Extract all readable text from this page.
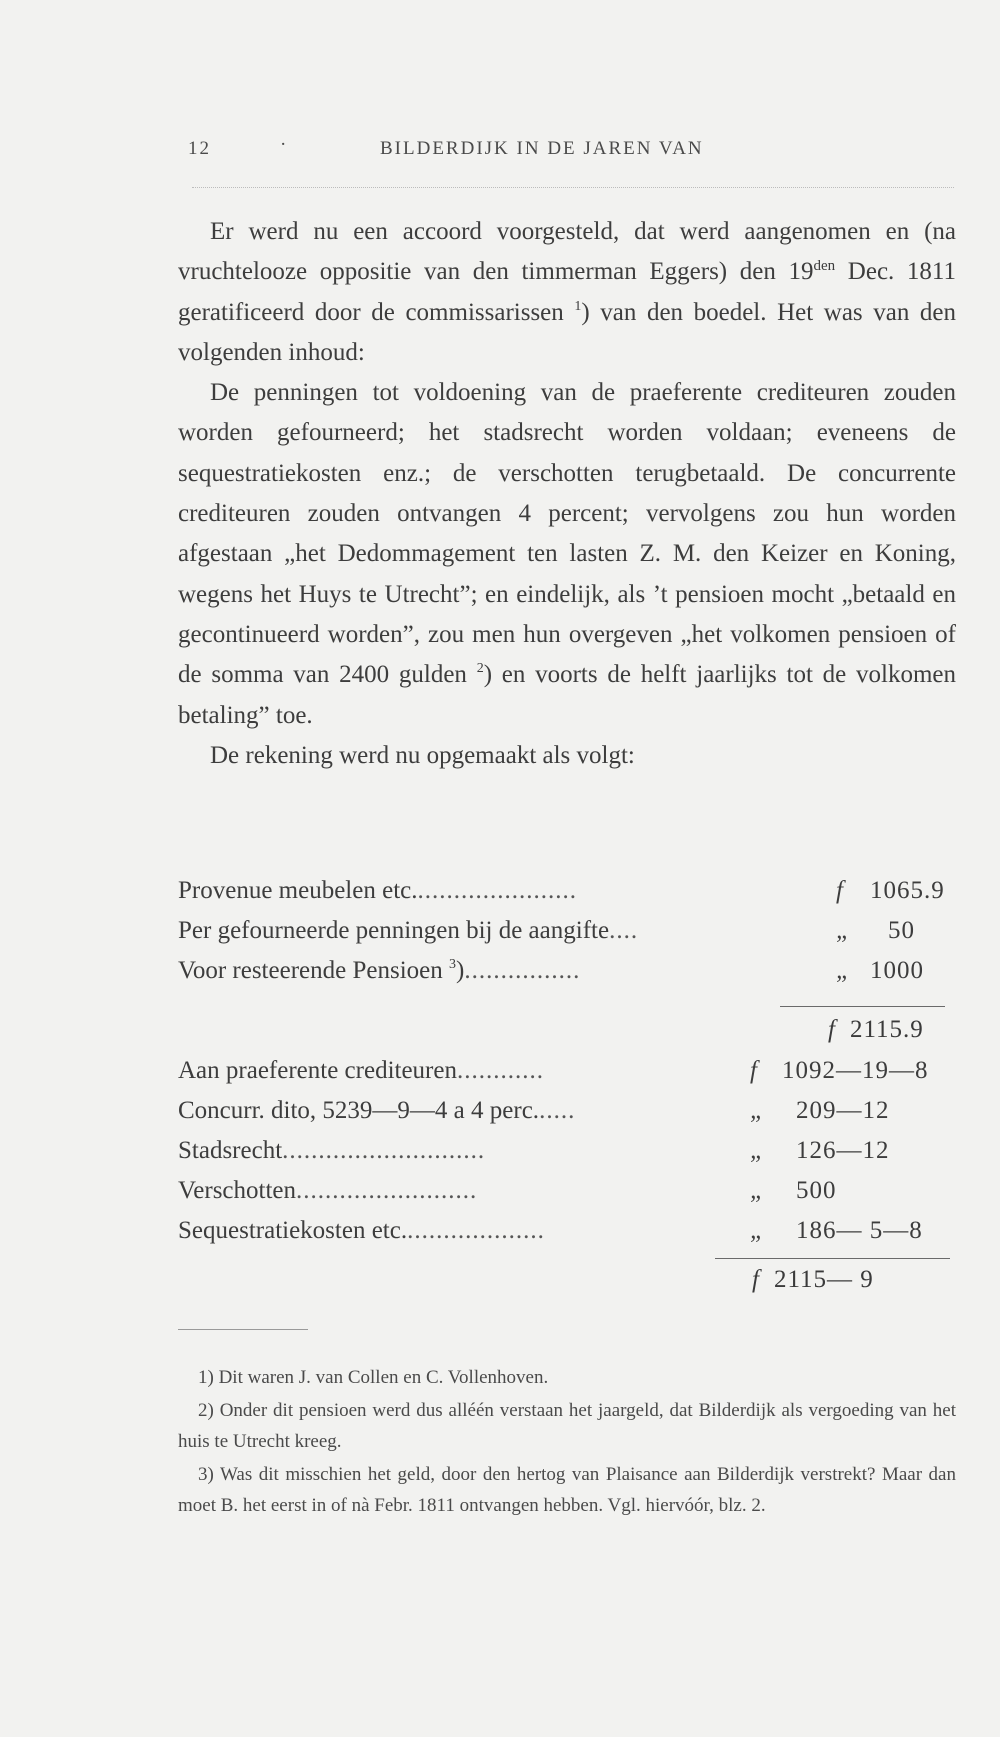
12	·	BILDERDIJK IN DE JAREN VAN

Er werd nu een accoord voorgesteld, dat werd aangenomen en (na vruchtelooze oppositie van den timmerman Eggers) den $19^{den}$ Dec. 1811 geratificeerd door de commissarissen $^1$) van den boedel. Het was van den volgenden inhoud:

De penningen tot voldoening van de praeferente crediteuren zouden worden gefourneerd; het stadsrecht worden voldaan; eveneens de sequestratiekosten enz.; de verschotten terugbetaald. De concurrente crediteuren zouden ontvangen 4 percent; vervolgens zou hun worden afgestaan „het Dedommagement ten lasten Z. M. den Keizer en Koning, wegens het Huys te Utrecht”; en eindelijk, als ’t pensioen mocht „betaald en gecontinueerd worden”, zou men hun overgeven „het volkomen pensioen of de somma van 2400 gulden $^2$) en voorts de helft jaarlijks tot de volkomen betaling” toe.

De rekening werd nu opgemaakt als volgt:

Provenue meubelen etc.......................	f 1065.9
Per gefourneerde penningen bij de aangifte....	„ 50
Voor resteerende Pensioen $^3$)................	„ 1000
f 2115.9
Aan praeferente crediteuren............	f 1092—19—8
Concurr. dito, 5239—9—4 a 4 perc......	„ 209—12
Stadsrecht............................	„ 126—12
Verschotten.........................	„ 500
Sequestratiekosten etc....................	„ 186— 5—8
f 2115— 9

1) Dit waren J. van Collen en C. Vollenhoven.

2) Onder dit pensioen werd dus alléén verstaan het jaargeld, dat Bilderdijk als vergoeding van het huis te Utrecht kreeg.

3) Was dit misschien het geld, door den hertog van Plaisance aan Bilderdijk verstrekt? Maar dan moet B. het eerst in of nà Febr. 1811 ontvangen hebben. Vgl. hiervóór, blz. 2.
